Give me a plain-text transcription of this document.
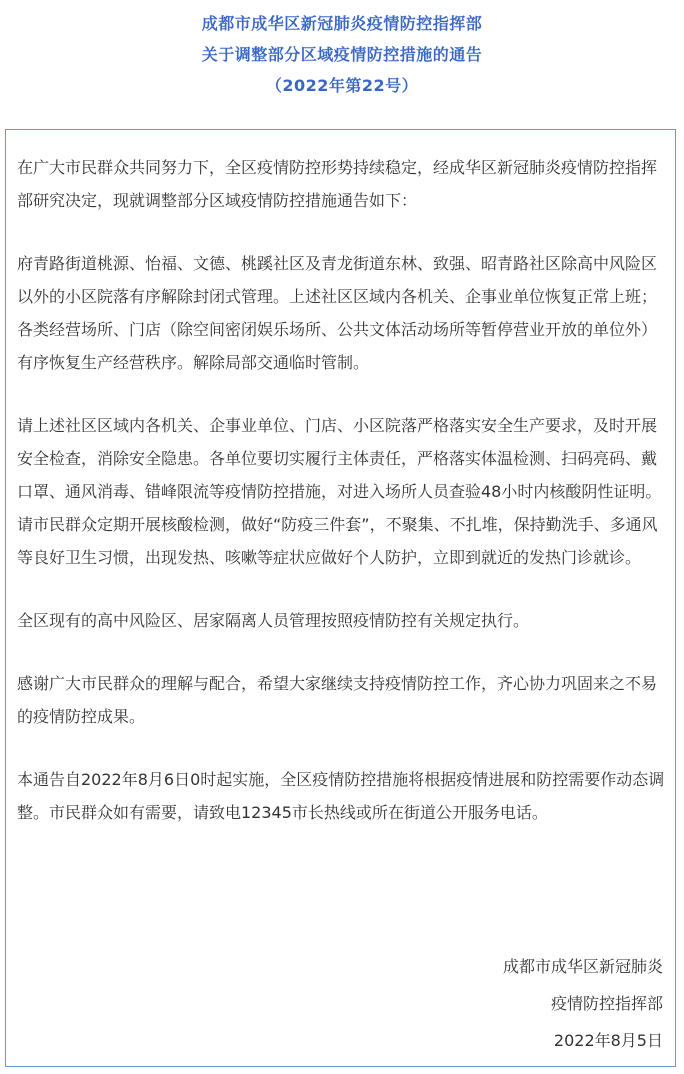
成都市成华区新冠肺炎疫情防控指挥部
关于调整部分区域疫情防控措施的通告
（2022年第22号）

在广大市民群众共同努力下，全区疫情防控形势持续稳定，经成华区新冠肺炎疫情防控指挥部研究决定，现就调整部分区域疫情防控措施通告如下：

府青路街道桃源、怡福、文德、桃蹊社区及青龙街道东林、致强、昭青路社区除高中风险区以外的小区院落有序解除封闭式管理。上述社区区域内各机关、企事业单位恢复正常上班；各类经营场所、门店（除空间密闭娱乐场所、公共文体活动场所等暂停营业开放的单位外）有序恢复生产经营秩序。解除局部交通临时管制。

请上述社区区域内各机关、企事业单位、门店、小区院落严格落实安全生产要求，及时开展安全检查，消除安全隐患。各单位要切实履行主体责任，严格落实体温检测、扫码亮码、戴口罩、通风消毒、错峰限流等疫情防控措施，对进入场所人员查验48小时内核酸阴性证明。请市民群众定期开展核酸检测，做好“防疫三件套”，不聚集、不扎堆，保持勤洗手、多通风等良好卫生习惯，出现发热、咳嗽等症状应做好个人防护，立即到就近的发热门诊就诊。

全区现有的高中风险区、居家隔离人员管理按照疫情防控有关规定执行。

感谢广大市民群众的理解与配合，希望大家继续支持疫情防控工作，齐心协力巩固来之不易的疫情防控成果。

本通告自2022年8月6日0时起实施，全区疫情防控措施将根据疫情进展和防控需要作动态调整。市民群众如有需要，请致电12345市长热线或所在街道公开服务电话。

成都市成华区新冠肺炎
疫情防控指挥部
2022年8月5日
